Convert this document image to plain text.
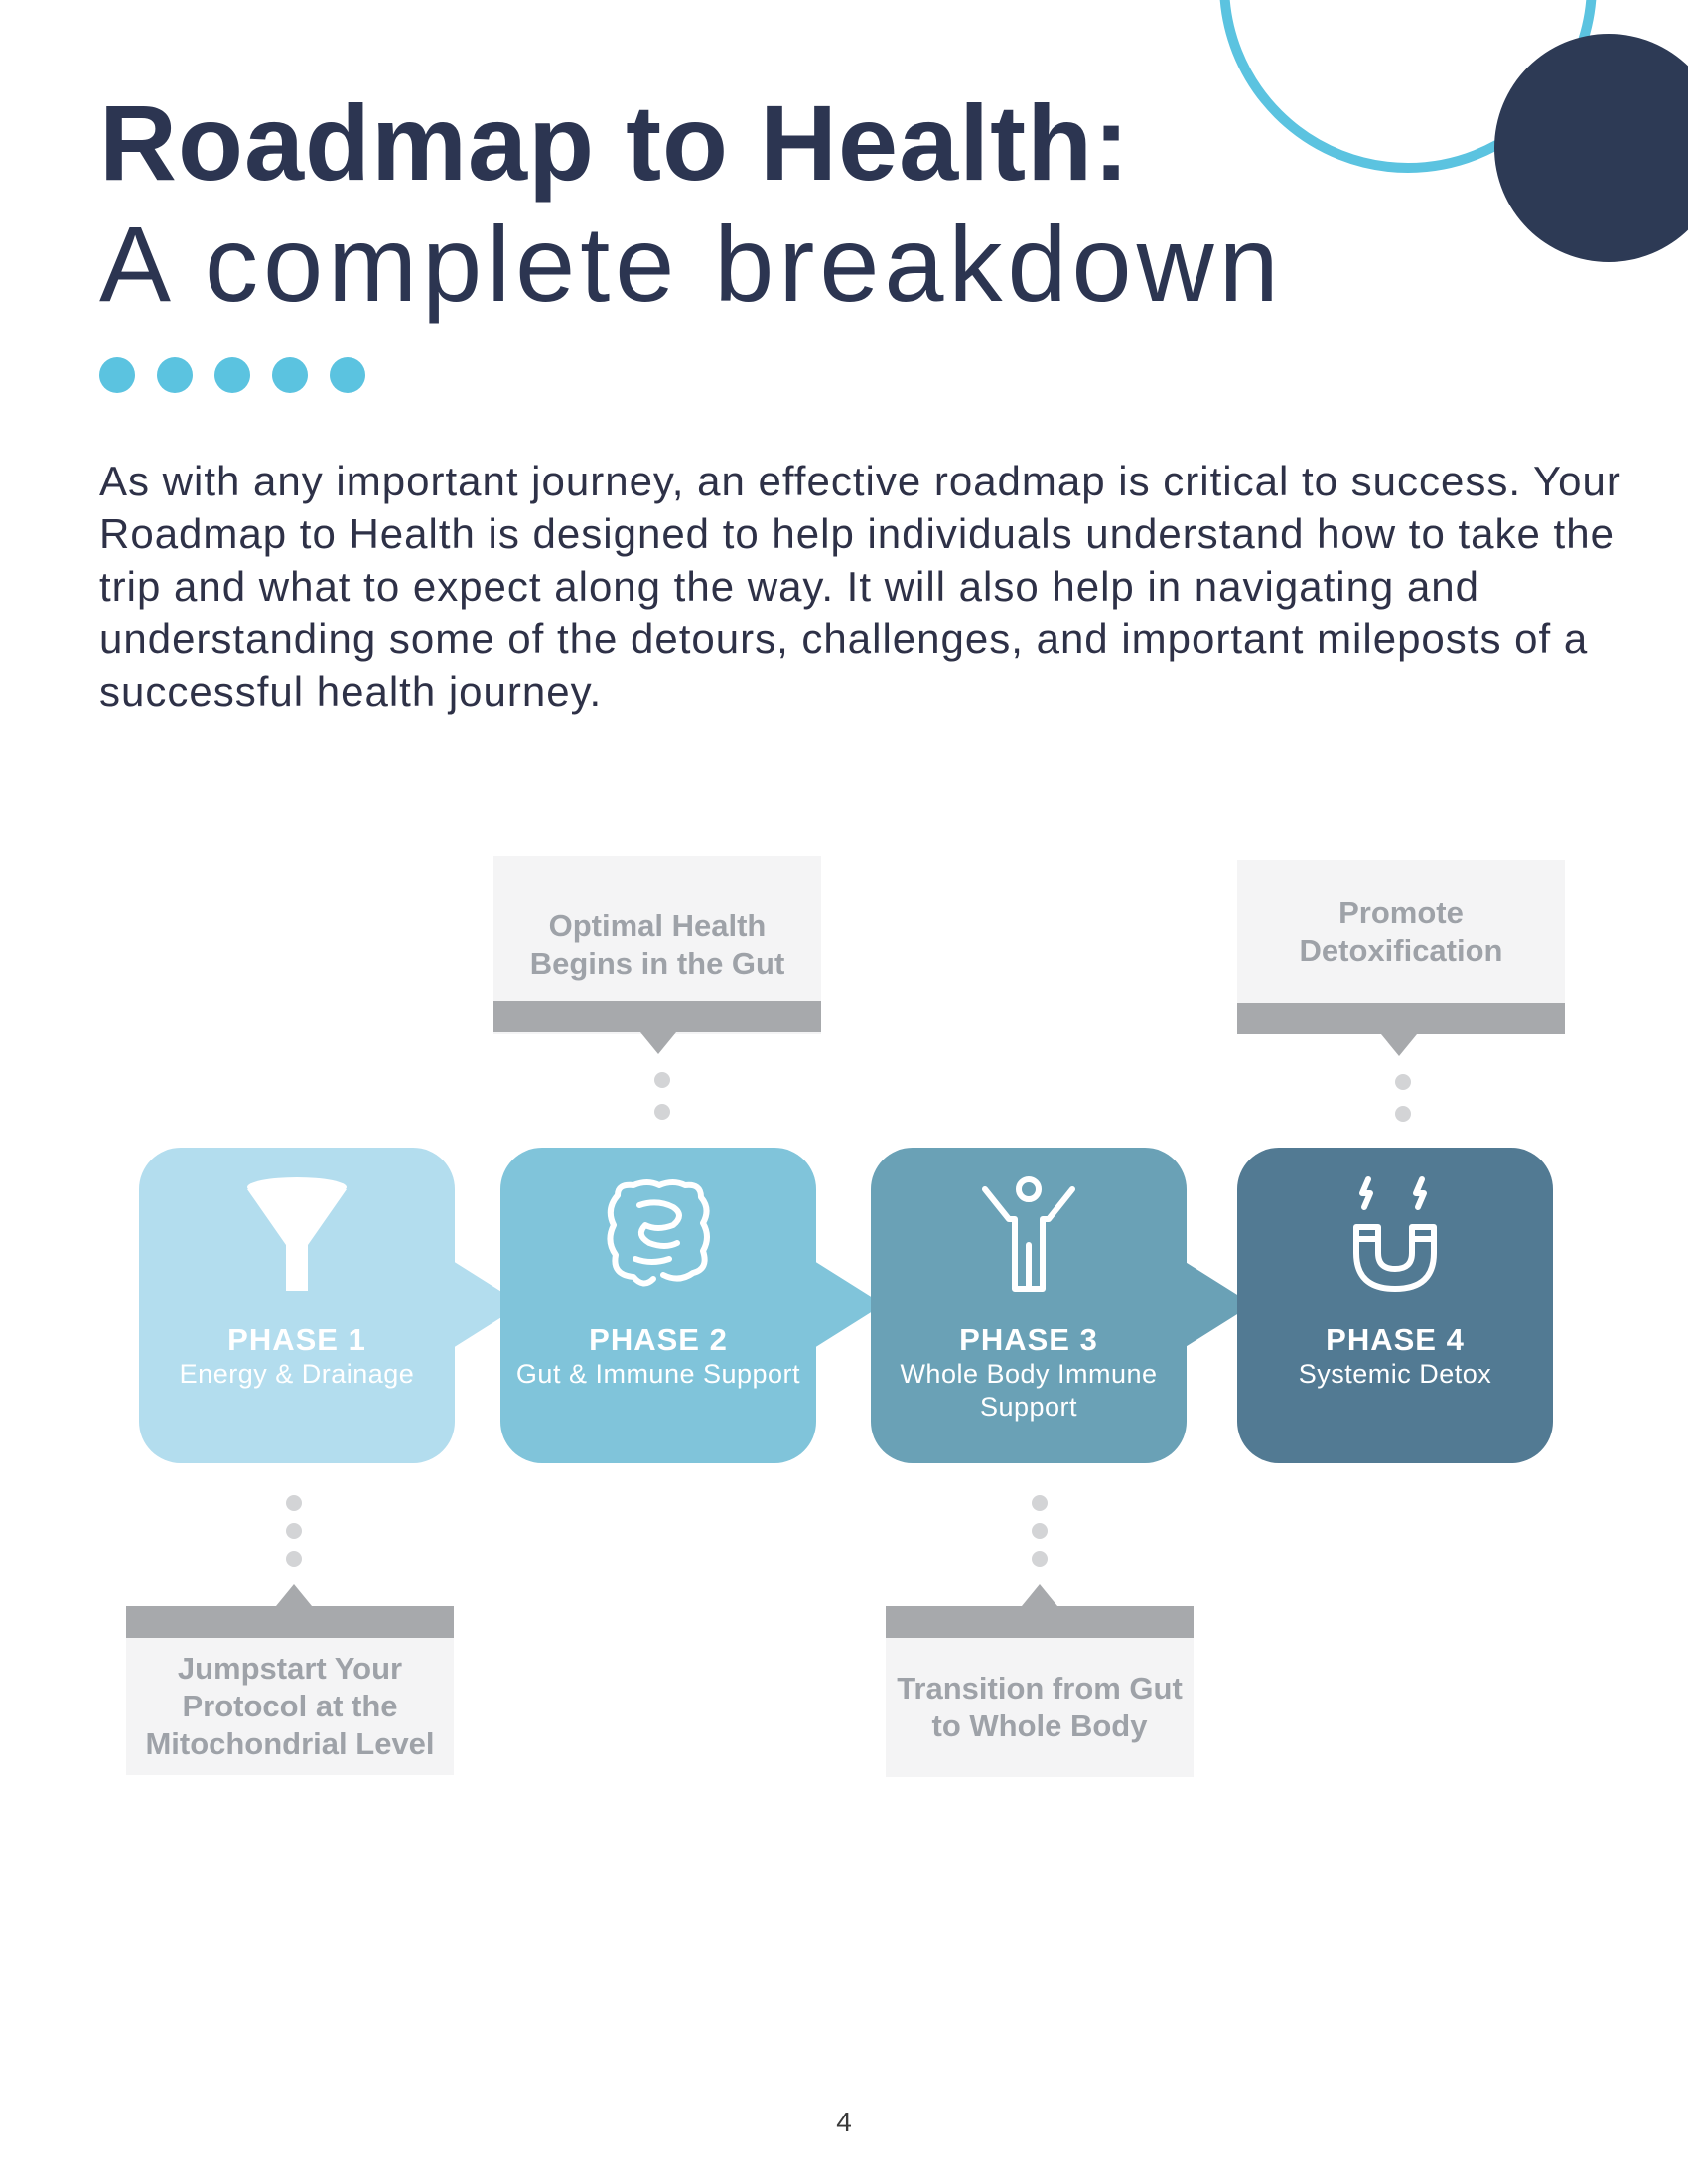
Roadmap to Health:
A complete breakdown
As with any important journey, an effective roadmap is critical to success. Your Roadmap to Health is designed to help individuals understand how to take the trip and what to expect along the way. It will also help in navigating and understanding some of the detours, challenges, and important mileposts of a successful health journey.
Optimal Health Begins in the Gut
Promote Detoxification
PHASE 1
Energy & Drainage
PHASE 2
Gut & Immune Support
PHASE 3
Whole Body Immune Support
PHASE 4
Systemic Detox
Jumpstart Your Protocol at the Mitochondrial Level
Transition from Gut to Whole Body
4
